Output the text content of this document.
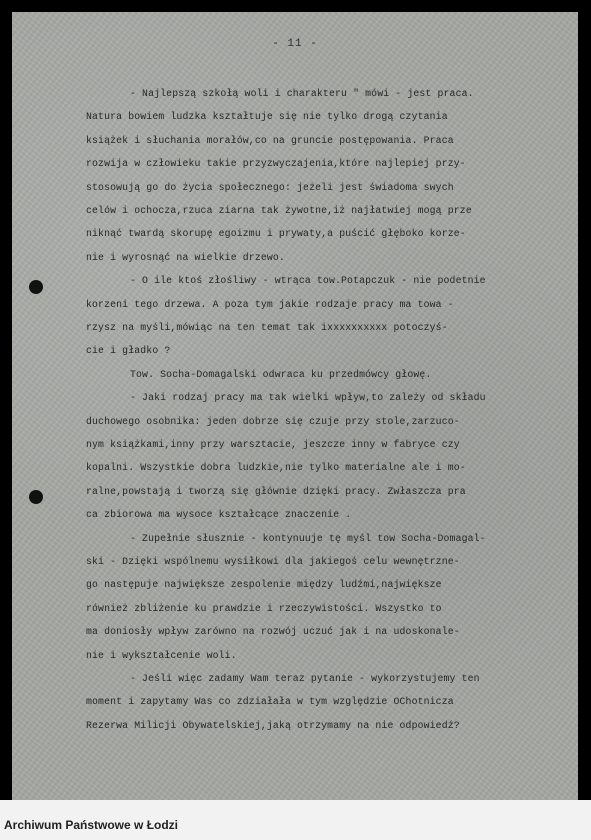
- 11 -
- Najlepszą szkołą woli i charakteru " mówi - jest praca.
Natura bowiem ludzka kształtuje się nie tylko drogą czytania
książek i słuchania morałów,co na gruncie postępowania. Praca
rozwija w człowieku takie przyzwyczajenia,które najlepiej przy-
stosowują go do życia społecznego: jeżeli jest świadoma swych
celów i ochocza,rzuca ziarna tak żywotne,iż najłatwiej mogą prze
niknąć twardą skorupę egoizmu i prywaty,a puścić głęboko korze-
nie i wyrosnąć na wielkie drzewo.
- O ile ktoś złośliwy - wtrąca tow.Potapczuk - nie podetnie
korzeni tego drzewa. A poza tym jakie rodzaje pracy ma towa -
rzysz na myśli,mówiąc na ten temat tak ixxxxxxxxxx potoczyś-
cie i gładko ?
Tow. Socha-Domagalski odwraca ku przedmówcy głowę.
- Jaki rodzaj pracy ma tak wielki wpływ,to zależy od składu
duchowego osobnika: jeden dobrze się czuje przy stole,zarzuco-
nym książkami,inny przy warsztacie, jeszcze inny w fabryce czy
kopalni. Wszystkie dobra ludzkie,nie tylko materialne ale i mo-
ralne,powstają i tworzą się głównie dzięki pracy. Zwłaszcza pra
ca zbiorowa ma wysoce kształcące znaczenie .
- Zupełnie słusznie - kontynuuje tę myśl tow Socha-Domagal-
ski - Dzięki wspólnemu wysiłkowi dla jakiegoś celu wewnętrzne-
go następuje największe zespolenie między ludźmi,największe
również zbliżenie ku prawdzie i rzeczywistości. Wszystko to
ma doniosły wpływ zarówno na rozwój uczuć jak i na udoskonale-
nie i wykształcenie woli.
- Jeśli więc zadamy Wam teraz pytanie - wykorzystujemy ten
moment i zapytamy Was co zdziałała w tym względzie OChotnicza
Rezerwa Milicji Obywatelskiej,jaką otrzymamy na nie odpowiedź?
Archiwum Państwowe w Łodzi
